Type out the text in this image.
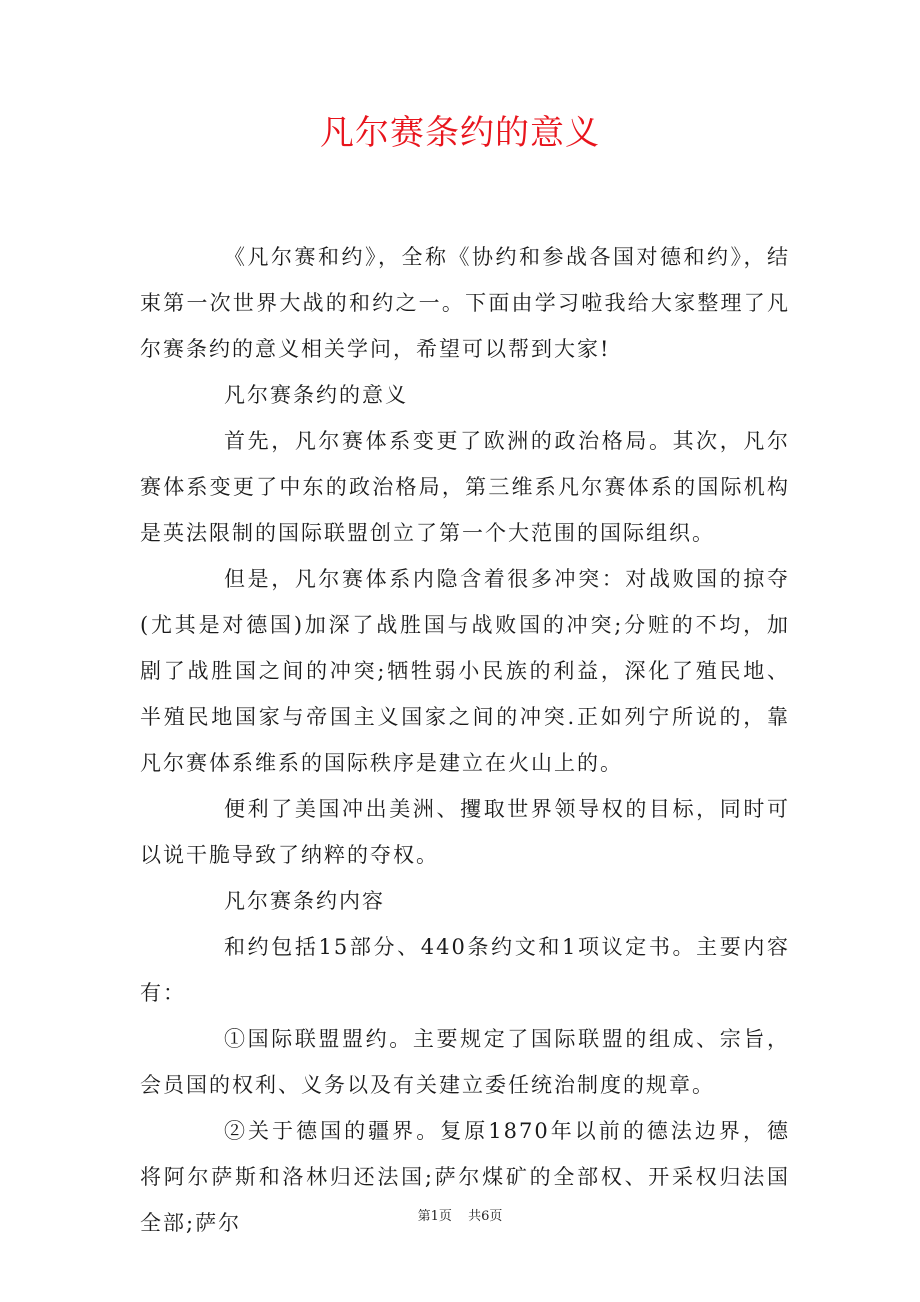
凡尔赛条约的意义

《凡尔赛和约》，全称《协约和参战各国对德和约》，结束第一次世界大战的和约之一。下面由学习啦我给大家整理了凡尔赛条约的意义相关学问，希望可以帮到大家!

凡尔赛条约的意义

首先，凡尔赛体系变更了欧洲的政治格局。其次，凡尔赛体系变更了中东的政治格局，第三维系凡尔赛体系的国际机构是英法限制的国际联盟创立了第一个大范围的国际组织。

但是，凡尔赛体系内隐含着很多冲突：对战败国的掠夺(尤其是对德国)加深了战胜国与战败国的冲突;分赃的不均，加剧了战胜国之间的冲突;牺牲弱小民族的利益，深化了殖民地、半殖民地国家与帝国主义国家之间的冲突.正如列宁所说的，靠凡尔赛体系维系的国际秩序是建立在火山上的。

便利了美国冲出美洲、攫取世界领导权的目标，同时可以说干脆导致了纳粹的夺权。

凡尔赛条约内容

和约包括15部分、440条约文和1项议定书。主要内容有：

①国际联盟盟约。主要规定了国际联盟的组成、宗旨，会员国的权利、义务以及有关建立委任统治制度的规章。

②关于德国的疆界。复原1870年以前的德法边界，德将阿尔萨斯和洛林归还法国;萨尔煤矿的全部权、开采权归法国全部;萨尔	第1页 共6页
